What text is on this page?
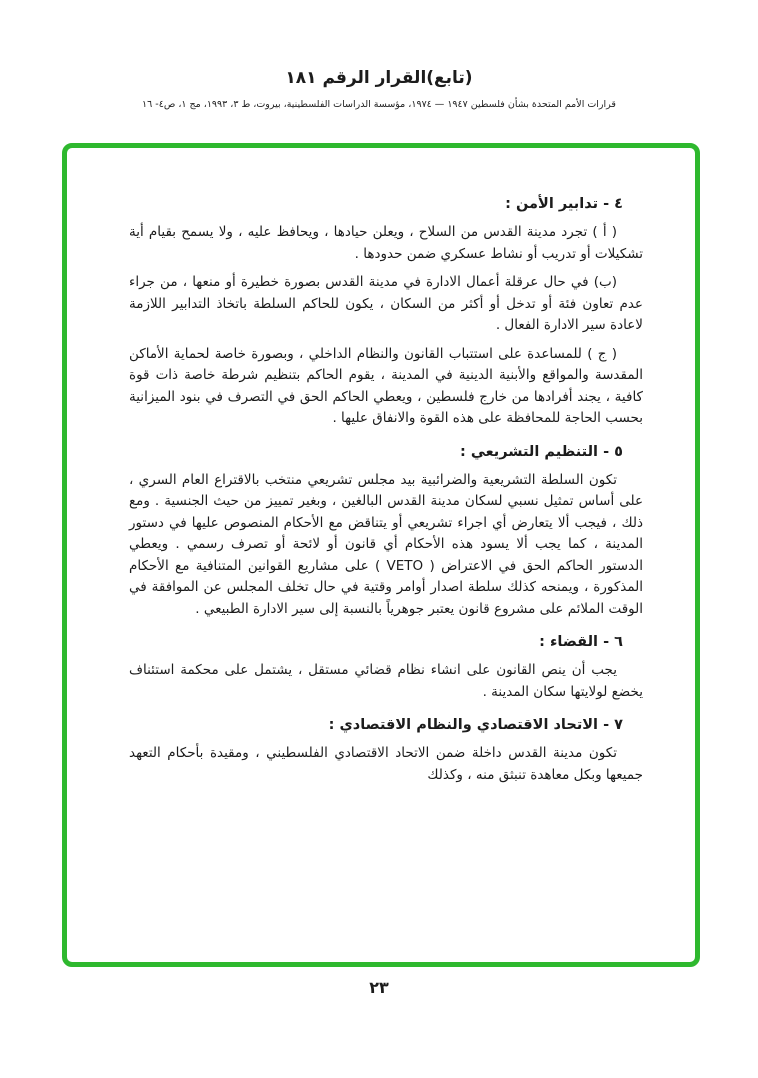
(تابع)القرار الرقم ١٨١
قرارات الأمم المتحدة بشأن فلسطين ١٩٤٧ — ١٩٧٤، مؤسسة الدراسات الفلسطينية، بيروت، ط ٣، ١٩٩٣، مج ١، ص٤- ١٦
٤ - تدابير الأمن :

( أ ) تجرد مدينة القدس من السلاح ، ويعلن حيادها ، ويحافظ عليه ، ولا يسمح بقيام أية تشكيلات أو تدريب أو نشاط عسكري ضمن حدودها .

(ب) في حال عرقلة أعمال الادارة في مدينة القدس بصورة خطيرة أو منعها ، من جراء عدم تعاون فئة أو تدخل أو أكثر من السكان ، يكون للحاكم السلطة باتخاذ التدابير اللازمة لاعادة سير الادارة الفعال .

( ج ) للمساعدة على استتباب القانون والنظام الداخلي ، وبصورة خاصة لحماية الأماكن المقدسة والمواقع والأبنية الدينية في المدينة ، يقوم الحاكم بتنظيم شرطة خاصة ذات قوة كافية ، يجند أفرادها من خارج فلسطين ، ويعطي الحاكم الحق في التصرف في بنود الميزانية بحسب الحاجة للمحافظة على هذه القوة والانفاق عليها .

٥ - التنظيم التشريعي :

تكون السلطة التشريعية والضرائبية بيد مجلس تشريعي منتخب بالاقتراع العام السري ، على أساس تمثيل نسبي لسكان مدينة القدس البالغين ، وبغير تمييز من حيث الجنسية . ومع ذلك ، فيجب ألا يتعارض أي اجراء تشريعي أو يتناقض مع الأحكام المنصوص عليها في دستور المدينة ، كما يجب ألا يسود هذه الأحكام أي قانون أو لائحة أو تصرف رسمي . ويعطي الدستور الحاكم الحق في الاعتراض ( VETO ) على مشاريع القوانين المتنافية مع الأحكام المذكورة ، ويمنحه كذلك سلطة اصدار أوامر وقتية في حال تخلف المجلس عن الموافقة في الوقت الملائم على مشروع قانون يعتبر جوهرياً بالنسبة إلى سير الادارة الطبيعي .

٦ - القضاء :

يجب أن ينص القانون على انشاء نظام قضائي مستقل ، يشتمل على محكمة استئناف يخضع لولايتها سكان المدينة .

٧ - الاتحاد الاقتصادي والنظام الاقتصادي :

تكون مدينة القدس داخلة ضمن الاتحاد الاقتصادي الفلسطيني ، ومقيدة بأحكام التعهد جميعها وبكل معاهدة تنبثق منه ، وكذلك

٢٣
